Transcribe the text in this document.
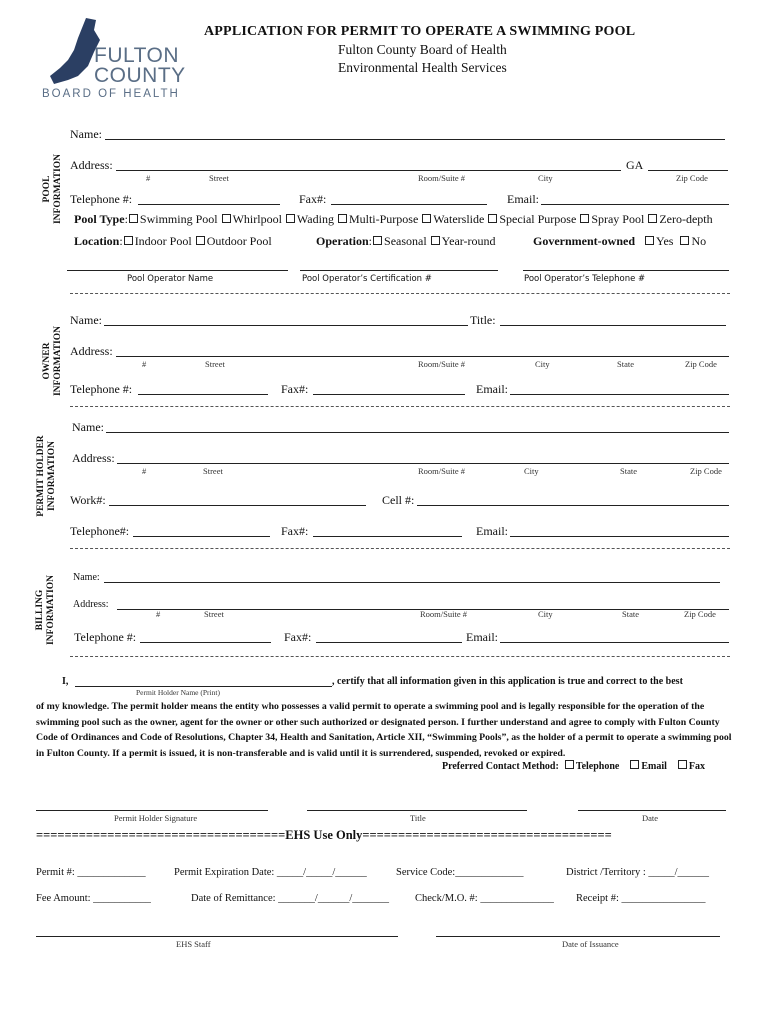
FULTON
COUNTY
BOARD OF HEALTH
APPLICATION FOR PERMIT TO OPERATE A SWIMMING POOL
Fulton County Board of Health
Environmental Health Services
POOL
INFORMATION
Name:
Address:	GA
#	Street	Room/Suite #	City	Zip Code
Telephone #:	Fax#:	Email:
Pool Type: Swimming Pool Whirlpool Wading Multi-Purpose Waterslide Special Purpose Spray Pool Zero-depth
Location: Indoor Pool Outdoor Pool	Operation: Seasonal Year-round	Government-owned Yes No
Pool Operator Name	Pool Operator’s Certification #	Pool Operator’s Telephone #
OWNER
INFORMATION
Name:	Title:
Address:
#	Street	Room/Suite #	City	State	Zip Code
Telephone #:	Fax#:	Email:
PERMIT HOLDER
INFORMATION
Name:
Address:
#	Street	Room/Suite #	City	State	Zip Code
Work#:	Cell #:
Telephone#:	Fax#:	Email:
BILLING
INFORMATION Name:
Address:
#	Street	Room/Suite #	City	State	Zip Code
Telephone #:	Fax#:	Email:
I,	, certify that all information given in this application is true and correct to the best
Permit Holder Name (Print)
of my knowledge. The permit holder means the entity who possesses a valid permit to operate a swimming pool and is legally responsible for the operation of the swimming pool such as the owner, agent for the owner or other such authorized or designated person. I further understand and agree to comply with Fulton County Code of Ordinances and Code of Resolutions, Chapter 34, Health and Sanitation, Article XII, “Swimming Pools”, as the holder of a permit to operate a swimming pool in Fulton County. If a permit is issued, it is non-transferable and is valid until it is surrendered, suspended, revoked or expired.
Preferred Contact Method: Telephone Email Fax
Permit Holder Signature	Title	Date
===================================EHS Use Only===================================
Permit #: _____________	Permit Expiration Date: _____/_____/______	Service Code:_____________	District /Territory : _____/______
Fee Amount: ___________	Date of Remittance: _______/______/_______ Check/M.O. #: ______________ Receipt #: ________________
EHS Staff	Date of Issuance
